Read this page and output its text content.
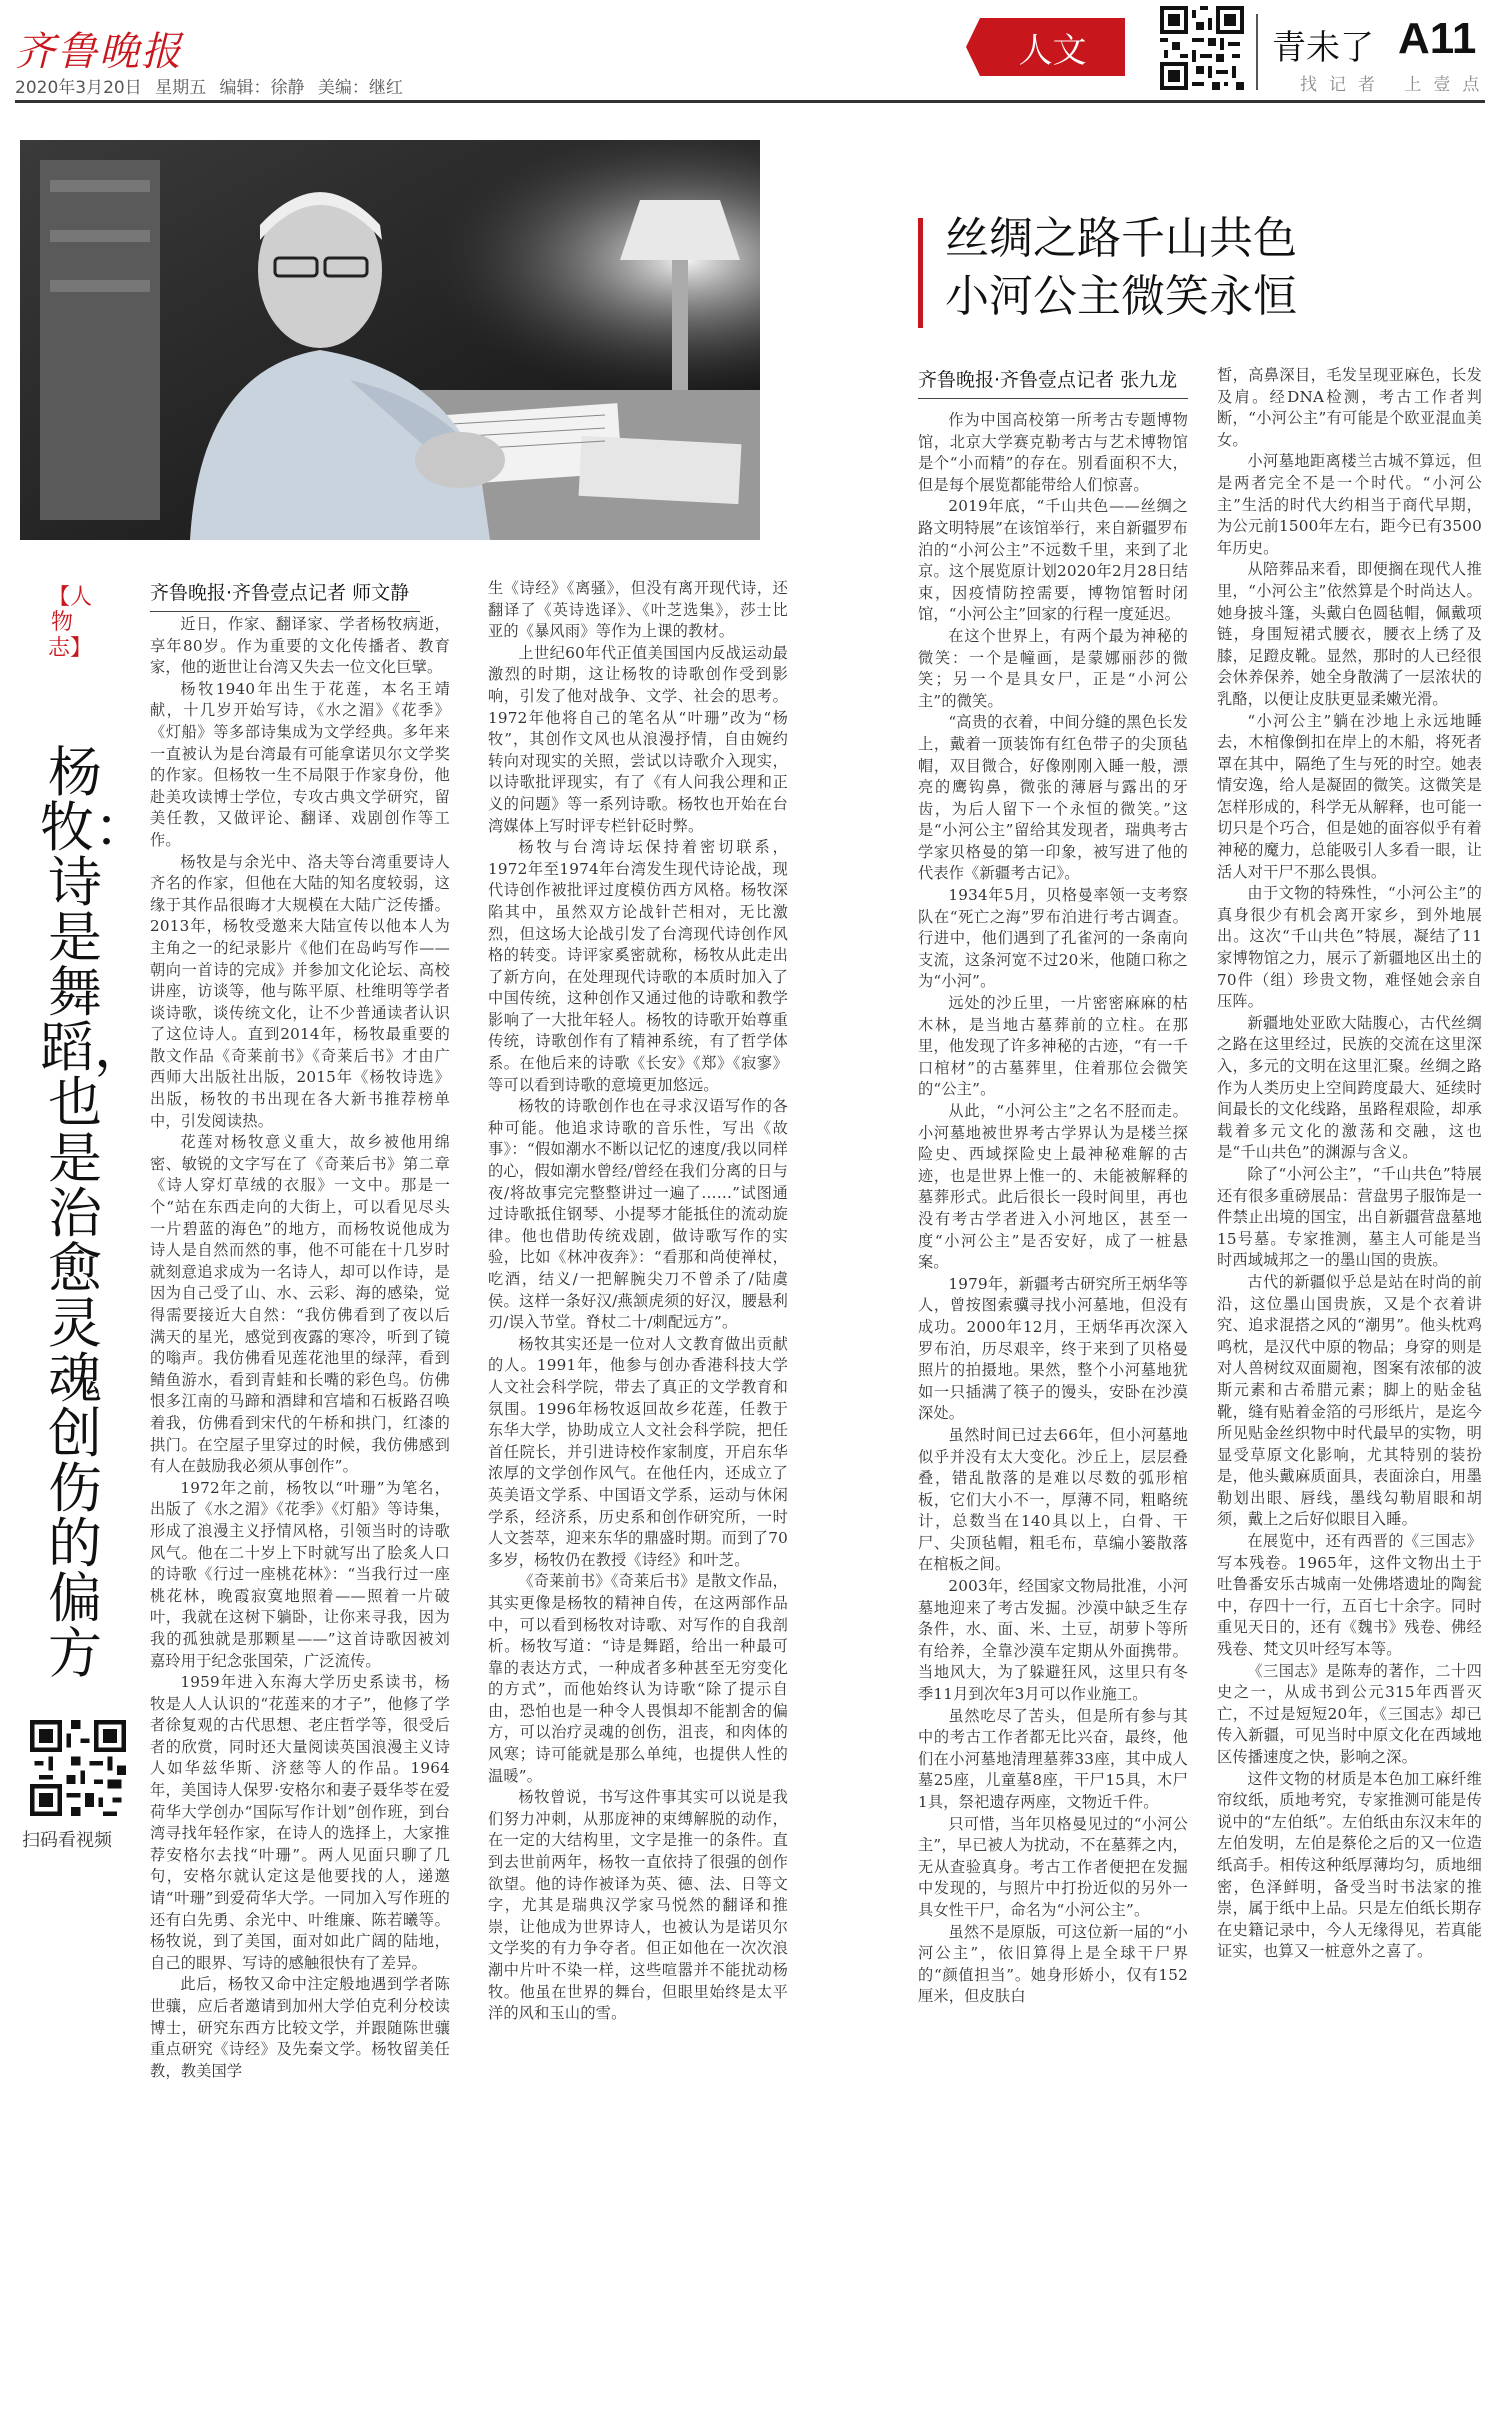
齐鲁晚报
2020年3月20日 星期五 编辑：徐静 美编：继红
人文	青未了 A11
找记者 上壹点
【人物志】
杨牧：诗是舞蹈，也是治愈灵魂创伤的偏方
扫码看视频
齐鲁晚报·齐鲁壹点记者 师文静

近日，作家、翻译家、学者杨牧病逝，享年80岁。作为重要的文化传播者、教育家，他的逝世让台湾又失去一位文化巨擘。

杨牧1940年出生于花莲，本名王靖献，十几岁开始写诗，《水之湄》《花季》《灯船》等多部诗集成为文学经典。多年来一直被认为是台湾最有可能拿诺贝尔文学奖的作家。但杨牧一生不局限于作家身份，他赴美攻读博士学位，专攻古典文学研究，留美任教，又做评论、翻译、戏剧创作等工作。

杨牧是与余光中、洛夫等台湾重要诗人齐名的作家，但他在大陆的知名度较弱，这缘于其作品很晦才大规模在大陆广泛传播。2013年，杨牧受邀来大陆宣传以他本人为主角之一的纪录影片《他们在岛屿写作——朝向一首诗的完成》并参加文化论坛、高校讲座，访谈等，他与陈平原、杜维明等学者谈诗歌，谈传统文化，让不少普通读者认识了这位诗人。直到2014年，杨牧最重要的散文作品《奇莱前书》《奇莱后书》才由广西师大出版社出版，2015年《杨牧诗选》出版，杨牧的书出现在各大新书推荐榜单中，引发阅读热。

花莲对杨牧意义重大，故乡被他用绵密、敏锐的文字写在了《奇莱后书》第二章《诗人穿灯草绒的衣服》一文中。那是一个“站在东西走向的大街上，可以看见尽头一片碧蓝的海色”的地方，而杨牧说他成为诗人是自然而然的事，他不可能在十几岁时就刻意追求成为一名诗人，却可以作诗，是因为自己受了山、水、云彩、海的感染，觉得需要接近大自然：“我仿佛看到了夜以后满天的星光，感觉到夜露的寒冷，听到了镜的嗡声。我仿佛看见莲花池里的绿萍，看到鲭鱼游水，看到青蛙和长嘴的彩色鸟。仿佛恨多江南的马蹄和酒肆和宫墙和石板路召唤着我，仿佛看到宋代的午桥和拱门，红漆的拱门。在空屋子里穿过的时候，我仿佛感到有人在鼓励我必须从事创作”。

1972年之前，杨牧以“叶珊”为笔名，出版了《水之湄》《花季》《灯船》等诗集，形成了浪漫主义抒情风格，引领当时的诗歌风气。他在二十岁上下时就写出了脍炙人口的诗歌《行过一座桃花林》：“当我行过一座桃花林，晚霞寂寞地照着——照着一片破叶，我就在这树下躺卧，让你来寻我，因为我的孤独就是那颗星——”这首诗歌因被刘嘉玲用于纪念张国荣，广泛流传。

1959年进入东海大学历史系读书，杨牧是人人认识的“花莲来的才子”，他修了学者徐复观的古代思想、老庄哲学等，很受后者的欣赏，同时还大量阅读英国浪漫主义诗人如华兹华斯、济慈等人的作品。1964年，美国诗人保罗·安格尔和妻子聂华苓在爱荷华大学创办“国际写作计划”创作班，到台湾寻找年轻作家，在诗人的选择上，大家推荐安格尔去找“叶珊”。两人见面只聊了几句，安格尔就认定这是他要找的人，递邀请“叶珊”到爱荷华大学。一同加入写作班的还有白先勇、余光中、叶维廉、陈若曦等。杨牧说，到了美国，面对如此广阔的陆地，自己的眼界、写诗的感触很快有了差异。

此后，杨牧又命中注定般地遇到学者陈世骧，应后者邀请到加州大学伯克利分校读博士，研究东西方比较文学，并跟随陈世骧重点研究《诗经》及先秦文学。杨牧留美任教，教美国学

生《诗经》《离骚》，但没有离开现代诗，还翻译了《英诗选译》、《叶芝选集》，莎士比亚的《暴风雨》等作为上课的教材。

上世纪60年代正值美国国内反战运动最激烈的时期，这让杨牧的诗歌创作受到影响，引发了他对战争、文学、社会的思考。1972年他将自己的笔名从“叶珊”改为“杨牧”，其创作文风也从浪漫抒情，自由婉约转向对现实的关照，尝试以诗歌介入现实，以诗歌批评现实，有了《有人问我公理和正义的问题》等一系列诗歌。杨牧也开始在台湾媒体上写时评专栏针砭时弊。

杨牧与台湾诗坛保持着密切联系，1972年至1974年台湾发生现代诗论战，现代诗创作被批评过度模仿西方风格。杨牧深陷其中，虽然双方论战针芒相对，无比激烈，但这场大论战引发了台湾现代诗创作风格的转变。诗评家奚密就称，杨牧从此走出了新方向，在处理现代诗歌的本质时加入了中国传统，这种创作又通过他的诗歌和教学影响了一大批年轻人。杨牧的诗歌开始尊重传统，诗歌创作有了精神系统，有了哲学体系。在他后来的诗歌《长安》《郑》《寂寥》等可以看到诗歌的意境更加悠远。

杨牧的诗歌创作也在寻求汉语写作的各种可能。他追求诗歌的音乐性，写出《故事》：“假如潮水不断以记忆的速度/我以同样的心，假如潮水曾经/曾经在我们分离的日与夜/将故事完完整整讲过一遍了……”试图通过诗歌抵住钢琴、小提琴才能抵住的流动旋律。他也借助传统戏剧，做诗歌写作的实验，比如《林冲夜奔》：“看那和尚使禅杖，吃酒，结义/一把解腕尖刀不曾杀了/陆虞侯。这样一条好汉/燕颔虎须的好汉，腰悬利刃/误入节堂。脊杖二十/刺配远方”。

杨牧其实还是一位对人文教育做出贡献的人。1991年，他参与创办香港科技大学人文社会科学院，带去了真正的文学教育和氛围。1996年杨牧返回故乡花莲，任教于东华大学，协助成立人文社会科学院，把任首任院长，并引进诗校作家制度，开启东华浓厚的文学创作风气。在他任内，还成立了英美语文学系、中国语文学系，运动与休闲学系，经济系，历史系和创作研究所，一时人文荟萃，迎来东华的鼎盛时期。而到了70多岁，杨牧仍在教授《诗经》和叶芝。

《奇莱前书》《奇莱后书》是散文作品，其实更像是杨牧的精神自传，在这两部作品中，可以看到杨牧对诗歌、对写作的自我剖析。杨牧写道：“诗是舞蹈，给出一种最可靠的表达方式，一种成者多种甚至无穷变化的方式”，而他始终认为诗歌“除了提示自由，恐怕也是一种令人畏惧却不能割舍的偏方，可以治疗灵魂的创伤，沮丧，和肉体的风寒；诗可能就是那么单纯，也提供人性的温暖”。

杨牧曾说，书写这件事其实可以说是我们努力冲刺，从那庞神的束缚解脱的动作，在一定的大结构里，文字是推一的条件。直到去世前两年，杨牧一直依持了很强的创作欲望。他的诗作被译为英、德、法、日等文字，尤其是瑞典汉学家马悦然的翻译和推崇，让他成为世界诗人，也被认为是诺贝尔文学奖的有力争夺者。但正如他在一次次浪潮中片叶不染一样，这些喧嚣并不能扰动杨牧。他虽在世界的舞台，但眼里始终是太平洋的风和玉山的雪。

丝绸之路千山共色
小河公主微笑永恒
齐鲁晚报·齐鲁壹点记者 张九龙

作为中国高校第一所考古专题博物馆，北京大学赛克勒考古与艺术博物馆是个“小而精”的存在。别看面积不大，但是每个展览都能带给人们惊喜。

2019年底，“千山共色——丝绸之路文明特展”在该馆举行，来自新疆罗布泊的“小河公主”不远数千里，来到了北京。这个展览原计划2020年2月28日结束，因疫情防控需要，博物馆暂时闭馆，“小河公主”回家的行程一度延迟。

在这个世界上，有两个最为神秘的微笑：一个是幢画，是蒙娜丽莎的微笑；另一个是具女尸，正是“小河公主”的微笑。

“高贵的衣着，中间分缝的黑色长发上，戴着一顶装饰有红色带子的尖顶毡帽，双目微合，好像刚刚入睡一般，漂亮的鹰钩鼻，微张的薄唇与露出的牙齿，为后人留下一个永恒的微笑。”这是“小河公主”留给其发现者，瑞典考古学家贝格曼的第一印象，被写进了他的代表作《新疆考古记》。

1934年5月，贝格曼率领一支考察队在“死亡之海”罗布泊进行考古调查。行进中，他们遇到了孔雀河的一条南向支流，这条河宽不过20米，他随口称之为“小河”。

远处的沙丘里，一片密密麻麻的枯木林，是当地古墓葬前的立柱。在那里，他发现了许多神秘的古迹，“有一千口棺材”的古墓葬里，住着那位会微笑的“公主”。

从此，“小河公主”之名不胫而走。小河墓地被世界考古学界认为是楼兰探险史、西域探险史上最神秘难解的古迹，也是世界上惟一的、未能被解释的墓葬形式。此后很长一段时间里，再也没有考古学者进入小河地区，甚至一度“小河公主”是否安好，成了一桩悬案。

1979年，新疆考古研究所王炳华等人，曾按图索骥寻找小河墓地，但没有成功。2000年12月，王炳华再次深入罗布泊，历尽艰辛，终于来到了贝格曼照片的拍摄地。果然，整个小河墓地犹如一只插满了筷子的馒头，安卧在沙漠深处。

虽然时间已过去66年，但小河墓地似乎并没有太大变化。沙丘上，层层叠叠，错乱散落的是难以尽数的弧形棺板，它们大小不一，厚薄不同，粗略统计，总数当在140具以上，白骨、干尸、尖顶毡帽，粗毛布，草编小篓散落在棺板之间。

2003年，经国家文物局批准，小河墓地迎来了考古发掘。沙漠中缺乏生存条件，水、面、米、土豆，胡萝卜等所有给养，全靠沙漠车定期从外面携带。当地风大，为了躲避狂风，这里只有冬季11月到次年3月可以作业施工。

虽然吃尽了苦头，但是所有参与其中的考古工作者都无比兴奋，最终，他们在小河墓地清理墓葬33座，其中成人墓25座，儿童墓8座，干尸15具，木尸1具，祭祀遗存两座，文物近千件。

只可惜，当年贝格曼见过的“小河公主”，早已被人为扰动，不在墓葬之内，无从查验真身。考古工作者便把在发掘中发现的，与照片中打扮近似的另外一具女性干尸，命名为“小河公主”。

虽然不是原版，可这位新一届的“小河公主”，依旧算得上是全球干尸界的“颜值担当”。她身形娇小，仅有152厘米，但皮肤白

皙，高鼻深目，毛发呈现亚麻色，长发及肩。经DNA检测，考古工作者判断，“小河公主”有可能是个欧亚混血美女。

小河墓地距离楼兰古城不算远，但是两者完全不是一个时代。“小河公主”生活的时代大约相当于商代早期，为公元前1500年左右，距今已有3500年历史。

从陪葬品来看，即便搁在现代人推里，“小河公主”依然算是个时尚达人。她身披斗篷，头戴白色圆毡帽，佩戴项链，身围短裙式腰衣，腰衣上绣了及膝，足蹬皮靴。显然，那时的人已经很会休养保养，她全身散满了一层浓状的乳酪，以便让皮肤更显柔嫩光滑。

“小河公主”躺在沙地上永远地睡去，木棺像倒扣在岸上的木船，将死者罩在其中，隔绝了生与死的时空。她表情安逸，给人是凝固的微笑。这微笑是怎样形成的，科学无从解释，也可能一切只是个巧合，但是她的面容似乎有着神秘的魔力，总能吸引人多看一眼，让活人对干尸不那么畏惧。

由于文物的特殊性，“小河公主”的真身很少有机会离开家乡，到外地展出。这次“千山共色”特展，凝结了11家博物馆之力，展示了新疆地区出土的70件（组）珍贵文物，难怪她会亲自压阵。

新疆地处亚欧大陆腹心，古代丝绸之路在这里经过，民族的交流在这里深入，多元的文明在这里汇聚。丝绸之路作为人类历史上空间跨度最大、延续时间最长的文化线路，虽路程艰险，却承载着多元文化的激荡和交融，这也是“千山共色”的渊源与含义。

除了“小河公主”，“千山共色”特展还有很多重磅展品：营盘男子服饰是一件禁止出境的国宝，出自新疆营盘墓地15号墓。专家推测，墓主人可能是当时西域城邦之一的墨山国的贵族。

古代的新疆似乎总是站在时尚的前沿，这位墨山国贵族，又是个衣着讲究、追求混搭之风的“潮男”。他头枕鸡鸣枕，是汉代中原的物品；身穿的则是对人兽树纹双面罽袍，图案有浓郁的波斯元素和古希腊元素；脚上的贴金毡靴，缝有贴着金箔的弓形纸片，是迄今所见贴金丝织物中时代最早的实物，明显受草原文化影响，尤其特别的装扮是，他头戴麻质面具，表面涂白，用墨勒划出眼、唇线，墨线勾勒眉眼和胡须，戴上之后好似眼目入睡。

在展览中，还有西晋的《三国志》写本残卷。1965年，这件文物出土于吐鲁番安乐古城南一处佛塔遗址的陶瓮中，存四十一行，五百七十余字。同时重见天日的，还有《魏书》残卷、佛经残卷、梵文贝叶经写本等。

《三国志》是陈寿的著作，二十四史之一，从成书到公元315年西晋灭亡，不过是短短20年，《三国志》却已传入新疆，可见当时中原文化在西域地区传播速度之快，影响之深。

这件文物的材质是本色加工麻纤维帘纹纸，质地考究，专家推测可能是传说中的“左伯纸”。左伯纸由东汉末年的左伯发明，左伯是蔡伦之后的又一位造纸高手。相传这种纸厚薄均匀，质地细密，色泽鲜明，备受当时书法家的推崇，属于纸中上品。只是左伯纸长期存在史籍记录中，今人无缘得见，若真能证实，也算又一桩意外之喜了。
